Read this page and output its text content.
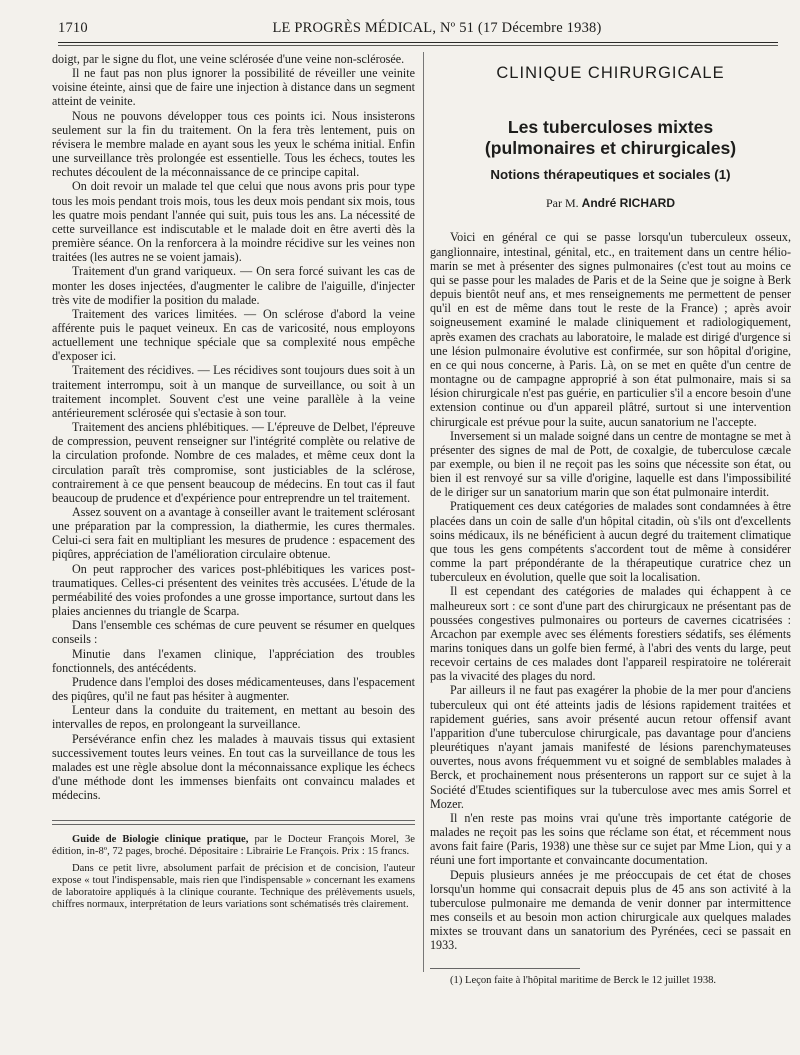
1710	LE PROGRÈS MÉDICAL, Nº 51 (17 Décembre 1938)

doigt, par le signe du flot, une veine sclérosée d'une veine non-sclérosée.

Il ne faut pas non plus ignorer la possibilité de réveiller une veinite voisine éteinte, ainsi que de faire une injection à distance dans un segment atteint de veinite.

Nous ne pouvons développer tous ces points ici. Nous insisterons seulement sur la fin du traitement. On la fera très lentement, puis on révisera le membre malade en ayant sous les yeux le schéma initial. Enfin une surveillance très prolongée est essentielle. Tous les échecs, toutes les rechutes découlent de la méconnaissance de ce principe capital.

On doit revoir un malade tel que celui que nous avons pris pour type tous les mois pendant trois mois, tous les deux mois pendant six mois, tous les quatre mois pendant l'année qui suit, puis tous les ans. La nécessité de cette surveillance est indiscutable et le malade doit en être averti dès la première séance. On la renforcera à la moindre récidive sur les veines non traitées (les autres ne se voient jamais).

Traitement d'un grand variqueux. — On sera forcé suivant les cas de monter les doses injectées, d'augmenter le calibre de l'aiguille, d'injecter très vite de modifier la position du malade.

Traitement des varices limitées. — On sclérose d'abord la veine afférente puis le paquet veineux. En cas de varicosité, nous employons actuellement une technique spéciale que sa complexité nous empêche d'exposer ici.

Traitement des récidives. — Les récidives sont toujours dues soit à un traitement interrompu, soit à un manque de surveillance, ou soit à un traitement incomplet. Souvent c'est une veine parallèle à la veine antérieurement sclérosée qui s'ectasie à son tour.

Traitement des anciens phlébitiques. — L'épreuve de Delbet, l'épreuve de compression, peuvent renseigner sur l'intégrité complète ou relative de la circulation profonde. Nombre de ces malades, et même ceux dont la circulation paraît très compromise, sont justiciables de la sclérose, contrairement à ce que pensent beaucoup de médecins. En tout cas il faut beaucoup de prudence et d'expérience pour entreprendre un tel traitement.

Assez souvent on a avantage à conseiller avant le traitement sclérosant une préparation par la compression, la diathermie, les cures thermales. Celui-ci sera fait en multipliant les mesures de prudence : espacement des piqûres, appréciation de l'amélioration circulaire obtenue.

On peut rapprocher des varices post-phlébitiques les varices post-traumatiques. Celles-ci présentent des veinites très accusées. L'étude de la perméabilité des voies profondes a une grosse importance, surtout dans les plaies anciennes du triangle de Scarpa.

Dans l'ensemble ces schémas de cure peuvent se résumer en quelques conseils :

Minutie dans l'examen clinique, l'appréciation des troubles fonctionnels, des antécédents.

Prudence dans l'emploi des doses médicamenteuses, dans l'espacement des piqûres, qu'il ne faut pas hésiter à augmenter.

Lenteur dans la conduite du traitement, en mettant au besoin des intervalles de repos, en prolongeant la surveillance.

Persévérance enfin chez les malades à mauvais tissus qui extasient successivement toutes leurs veines. En tout cas la surveillance de tous les malades est une règle absolue dont la méconnaissance explique les échecs d'une méthode dont les immenses bienfaits ont convaincu malades et médecins.

Guide de Biologie clinique pratique, par le Docteur François Morel, 3e édition, in-8º, 72 pages, broché. Dépositaire : Librairie Le François. Prix : 15 francs.

Dans ce petit livre, absolument parfait de précision et de concision, l'auteur expose « tout l'indispensable, mais rien que l'indispensable » concernant les examens de laboratoire appliqués à la clinique courante. Technique des prélèvements usuels, chiffres normaux, interprétation de leurs variations sont schématisés très clairement.

CLINIQUE CHIRURGICALE
Les tuberculoses mixtes
(pulmonaires et chirurgicales)
Notions thérapeutiques et sociales (1)
Par M. André RICHARD

Voici en général ce qui se passe lorsqu'un tuberculeux osseux, ganglionnaire, intestinal, génital, etc., en traitement dans un centre hélio-marin se met à présenter des signes pulmonaires (c'est tout au moins ce qui se passe pour les malades de Paris et de la Seine que je soigne à Berk depuis bientôt neuf ans, et mes renseignements me permettent de penser qu'il en est de même dans tout le reste de la France) ; après avoir soigneusement examiné le malade cliniquement et radiologiquement, après examen des crachats au laboratoire, le malade est dirigé d'urgence si une lésion pulmonaire évolutive est confirmée, sur son hôpital d'origine, en ce qui nous concerne, à Paris. Là, on se met en quête d'un centre de montagne ou de campagne approprié à son état pulmonaire, mais si sa lésion chirurgicale n'est pas guérie, en particulier s'il a encore besoin d'une extension continue ou d'un appareil plâtré, surtout si une intervention chirurgicale est prévue pour la suite, aucun sanatorium ne l'accepte.

Inversement si un malade soigné dans un centre de montagne se met à présenter des signes de mal de Pott, de coxalgie, de tuberculose cæcale par exemple, ou bien il ne reçoit pas les soins que nécessite son état, ou bien il est renvoyé sur sa ville d'origine, laquelle est dans l'impossibilité de le diriger sur un sanatorium marin que son état pulmonaire interdit.

Pratiquement ces deux catégories de malades sont condamnées à être placées dans un coin de salle d'un hôpital citadin, où s'ils ont d'excellents soins médicaux, ils ne bénéficient à aucun degré du traitement climatique que tous les gens compétents s'accordent tout de même à considérer comme la part prépondérante de la thérapeutique curatrice chez un tuberculeux en évolution, quelle que soit la localisation.

Il est cependant des catégories de malades qui échappent à ce malheureux sort : ce sont d'une part des chirurgicaux ne présentant pas de poussées congestives pulmonaires ou porteurs de cavernes cicatrisées : Arcachon par exemple avec ses éléments forestiers sédatifs, ses éléments marins toniques dans un golfe bien fermé, à l'abri des vents du large, peut recevoir certains de ces malades dont l'appareil respiratoire ne tolérerait pas la vivacité des plages du nord.

Par ailleurs il ne faut pas exagérer la phobie de la mer pour d'anciens tuberculeux qui ont été atteints jadis de lésions rapidement traitées et rapidement guéries, sans avoir présenté aucun retour offensif avant l'apparition d'une tuberculose chirurgicale, pas davantage pour d'anciens pleurétiques n'ayant jamais manifesté de lésions parenchymateuses ouvertes, nous avons fréquemment vu et soigné de semblables malades à Berck, et prochainement nous présenterons un rapport sur ce sujet à la Société d'Etudes scientifiques sur la tuberculose avec mes amis Sorrel et Mozer.

Il n'en reste pas moins vrai qu'une très importante catégorie de malades ne reçoit pas les soins que réclame son état, et récemment nous avons fait faire (Paris, 1938) une thèse sur ce sujet par Mme Lion, qui y a réuni une fort importante et convaincante documentation.

Depuis plusieurs années je me préoccupais de cet état de choses lorsqu'un homme qui consacrait depuis plus de 45 ans son activité à la tuberculose pulmonaire me demanda de venir donner par intermittence mes conseils et au besoin mon action chirurgicale aux quelques malades mixtes se trouvant dans un sanatorium des Pyrénées, ceci se passait en 1933.

(1) Leçon faite à l'hôpital maritime de Berck le 12 juillet 1938.
